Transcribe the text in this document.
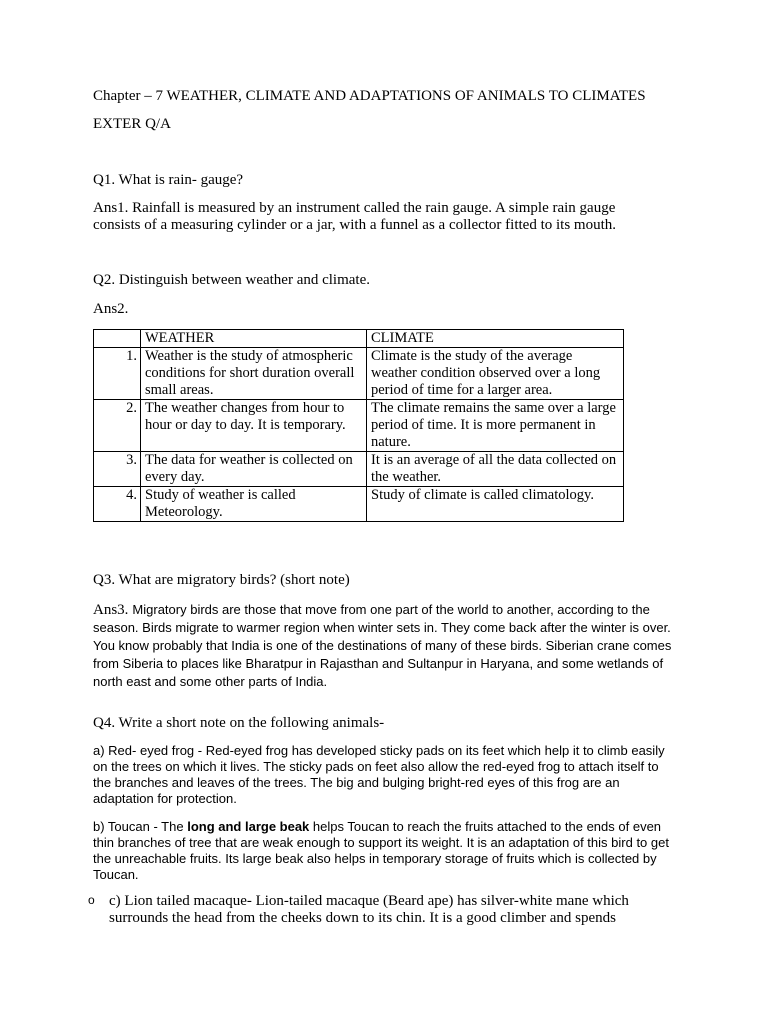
Chapter – 7 WEATHER, CLIMATE AND ADAPTATIONS OF ANIMALS TO CLIMATES
EXTER Q/A
Q1. What is rain- gauge?
Ans1. Rainfall is measured by an instrument called the rain gauge. A simple rain gauge consists of a measuring cylinder or a jar, with a funnel as a collector fitted to its mouth.
Q2. Distinguish between weather and climate.
Ans2.
	WEATHER	CLIMATE
1.	Weather is the study of atmospheric conditions for short duration overall small areas.	Climate is the study of the average weather condition observed over a long period of time for a larger area.
2.	The weather changes from hour to hour or day to day. It is temporary.	The climate remains the same over a large period of time. It is more permanent in nature.
3.	The data for weather is collected on every day.	It is an average of all the data collected on the weather.
4.	Study of weather is called Meteorology.	Study of climate is called climatology.
Q3. What are migratory birds? (short note)
Ans3. Migratory birds are those that move from one part of the world to another, according to the season. Birds migrate to warmer region when winter sets in. They come back after the winter is over. You know probably that India is one of the destinations of many of these birds. Siberian crane comes from Siberia to places like Bharatpur in Rajasthan and Sultanpur in Haryana, and some wetlands of north east and some other parts of India.
Q4. Write a short note on the following animals-
a) Red- eyed frog - Red-eyed frog has developed sticky pads on its feet which help it to climb easily on the trees on which it lives. The sticky pads on feet also allow the red-eyed frog to attach itself to the branches and leaves of the trees. The big and bulging bright-red eyes of this frog are an adaptation for protection.
b) Toucan - The long and large beak helps Toucan to reach the fruits attached to the ends of even thin branches of tree that are weak enough to support its weight. It is an adaptation of this bird to get the unreachable fruits. Its large beak also helps in temporary storage of fruits which is collected by Toucan.
o c) Lion tailed macaque- Lion-tailed macaque (Beard ape) has silver-white mane which surrounds the head from the cheeks down to its chin. It is a good climber and spends
